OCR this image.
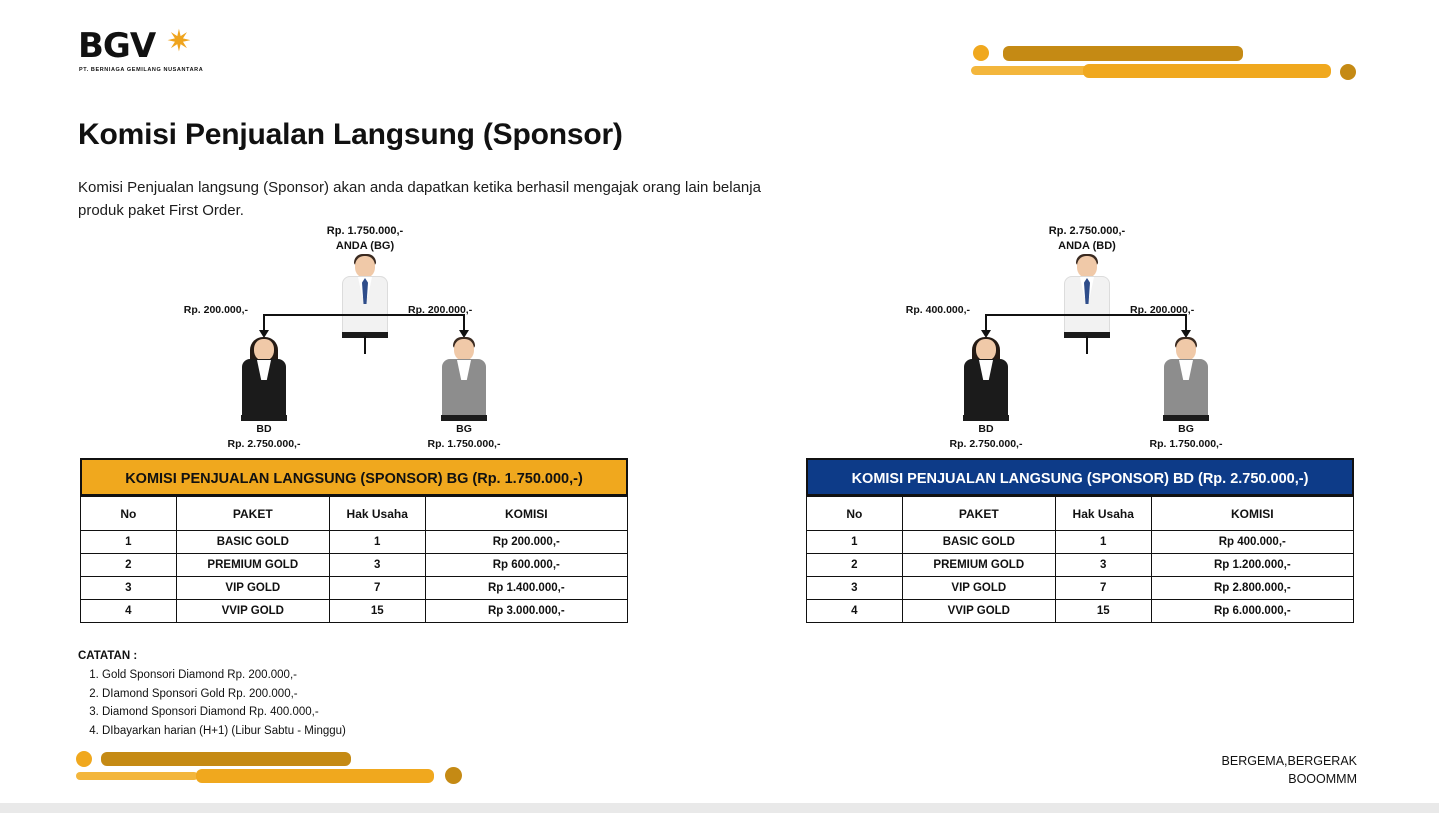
BGV ✷
PT. BERNIAGA GEMILANG NUSANTARA
Komisi Penjualan Langsung (Sponsor)
Komisi Penjualan langsung (Sponsor) akan anda dapatkan ketika berhasil mengajak orang lain belanja produk paket First Order.
Rp. 1.750.000,-
ANDA (BG)
Rp. 200.000,-	Rp. 200.000,-
BD
Rp. 2.750.000,-
BG
Rp. 1.750.000,-
Rp. 2.750.000,-
ANDA (BD)
Rp. 400.000,-	Rp. 200.000,-
BD
Rp. 2.750.000,-
BG
Rp. 1.750.000,-
KOMISI PENJUALAN LANGSUNG (SPONSOR) BG (Rp. 1.750.000,-)
No	PAKET	Hak Usaha	KOMISI
1	BASIC GOLD	1	Rp 200.000,-
2	PREMIUM GOLD	3	Rp 600.000,-
3	VIP GOLD	7	Rp 1.400.000,-
4	VVIP GOLD	15	Rp 3.000.000,-
KOMISI PENJUALAN LANGSUNG (SPONSOR) BD (Rp. 2.750.000,-)
No	PAKET	Hak Usaha	KOMISI
1	BASIC GOLD	1	Rp 400.000,-
2	PREMIUM GOLD	3	Rp 1.200.000,-
3	VIP GOLD	7	Rp 2.800.000,-
4	VVIP GOLD	15	Rp 6.000.000,-
CATATAN :
1. Gold Sponsori Diamond Rp. 200.000,-
2. DIamond Sponsori Gold Rp. 200.000,-
3. Diamond Sponsori Diamond Rp. 400.000,-
4. DIbayarkan harian (H+1) (Libur Sabtu - Minggu)
BERGEMA,BERGERAK
BOOOMMM
